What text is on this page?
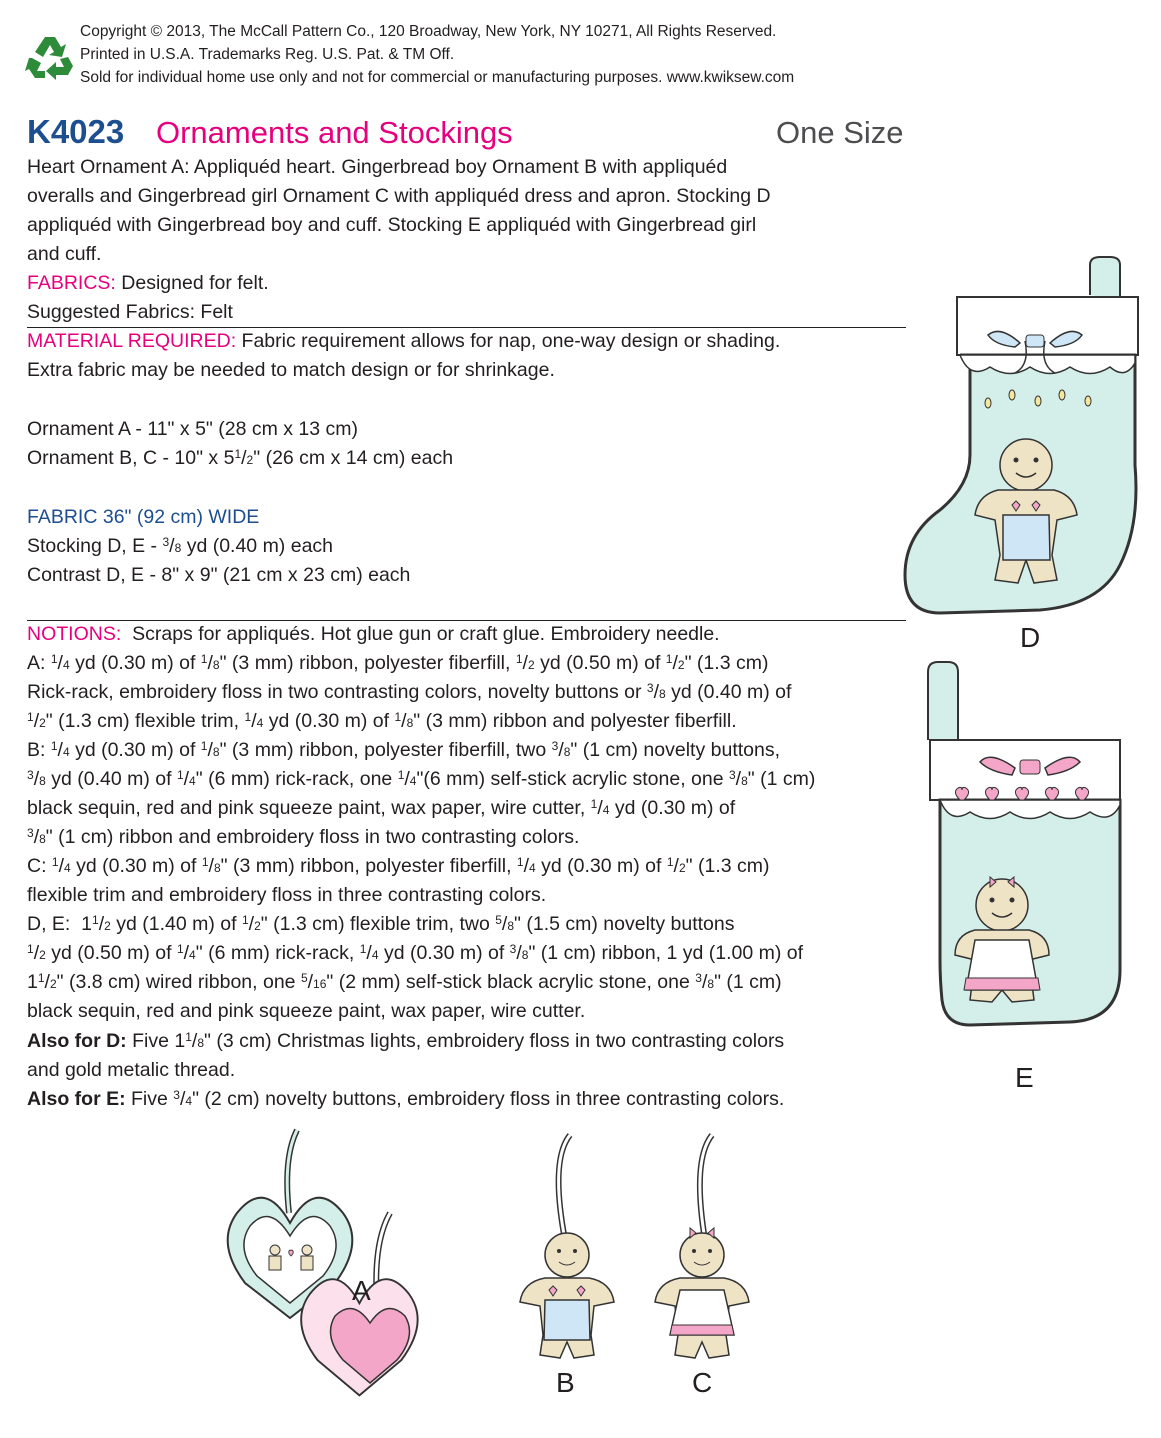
Copyright © 2013, The McCall Pattern Co., 120 Broadway, New York, NY 10271, All Rights Reserved.
Printed in U.S.A. Trademarks Reg. U.S. Pat. & TM Off.
Sold for individual home use only and not for commercial or manufacturing purposes. www.kwiksew.com
K4023 Ornaments and Stockings	One Size
Heart Ornament A: Appliquéd heart. Gingerbread boy Ornament B with appliquéd
overalls and Gingerbread girl Ornament C with appliquéd dress and apron. Stocking D
appliquéd with Gingerbread boy and cuff. Stocking E appliquéd with Gingerbread girl
and cuff.
FABRICS: Designed for felt.
Suggested Fabrics: Felt
MATERIAL REQUIRED: Fabric requirement allows for nap, one-way design or shading.
Extra fabric may be needed to match design or for shrinkage.
Ornament A - 11" x 5" (28 cm x 13 cm)
Ornament B, C - 10" x $5^1/2$" (26 cm x 14 cm) each
FABRIC 36" (92 cm) WIDE
Stocking D, E - $^3$/8 yd (0.40 m) each
Contrast D, E - 8" x 9" (21 cm x 23 cm) each
NOTIONS: Scraps for appliqués. Hot glue gun or craft glue. Embroidery needle.
A: $^1$/4 yd (0.30 m) of $^1$/8" (3 mm) ribbon, polyester fiberfill, $^1$/2 yd (0.50 m) of $^1$/2" (1.3 cm)
Rick-rack, embroidery floss in two contrasting colors, novelty buttons or $^3$/8 yd (0.40 m) of
$^1$/2" (1.3 cm) flexible trim, $^1$/4 yd (0.30 m) of $^1$/8" (3 mm) ribbon and polyester fiberfill.
B: $^1$/4 yd (0.30 m) of $^1$/8" (3 mm) ribbon, polyester fiberfill, two $^3$/8" (1 cm) novelty buttons,
$^3$/8 yd (0.40 m) of $^1$/4" (6 mm) rick-rack, one $^1$/4"(6 mm) self-stick acrylic stone, one $^3$/8" (1 cm)
black sequin, red and pink squeeze paint, wax paper, wire cutter, $^1$/4 yd (0.30 m) of
$^3$/8" (1 cm) ribbon and embroidery floss in two contrasting colors.
C: $^1$/4 yd (0.30 m) of $^1$/8" (3 mm) ribbon, polyester fiberfill, $^1$/4 yd (0.30 m) of $^1$/2" (1.3 cm)
flexible trim and embroidery floss in three contrasting colors.
D, E:  $1^1/2$ yd (1.40 m) of $^1$/2" (1.3 cm) flexible trim, two $^5$/8" (1.5 cm) novelty buttons
$^1$/2 yd (0.50 m) of $^1$/4" (6 mm) rick-rack, $^1$/4 yd (0.30 m) of $^3$/8" (1 cm) ribbon, 1 yd (1.00 m) of
$1^1/2$" (3.8 cm) wired ribbon, one $^5$/16" (2 mm) self-stick black acrylic stone, one $^3$/8" (1 cm)
black sequin, red and pink squeeze paint, wax paper, wire cutter.
Also for D: Five $1^1/8$" (3 cm) Christmas lights, embroidery floss in two contrasting colors
and gold metalic thread.
Also for E: Five $^3$/4" (2 cm) novelty buttons, embroidery floss in three contrasting colors.
D
E
A
B	C
